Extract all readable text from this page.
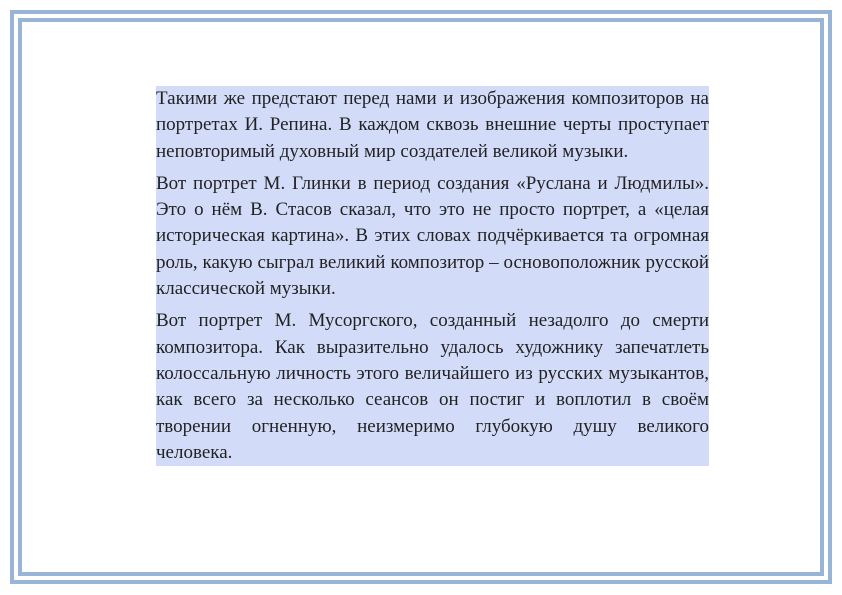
Такими же предстают перед нами и изображения композиторов на портретах И. Репина. В каждом сквозь внешние черты проступает неповторимый духовный мир создателей великой музыки.

Вот портрет М. Глинки в период создания «Руслана и Людмилы». Это о нём В. Стасов сказал, что это не просто портрет, а «целая историческая картина». В этих словах подчёркивается та огромная роль, какую сыграл великий композитор – основоположник русской классической музыки.

Вот портрет М. Мусоргского, созданный незадолго до смерти композитора. Как выразительно удалось художнику запечатлеть колоссальную личность этого величайшего из русских музыкантов, как всего за несколько сеансов он постиг и воплотил в своём творении огненную, неизмеримо глубокую душу великого человека.
